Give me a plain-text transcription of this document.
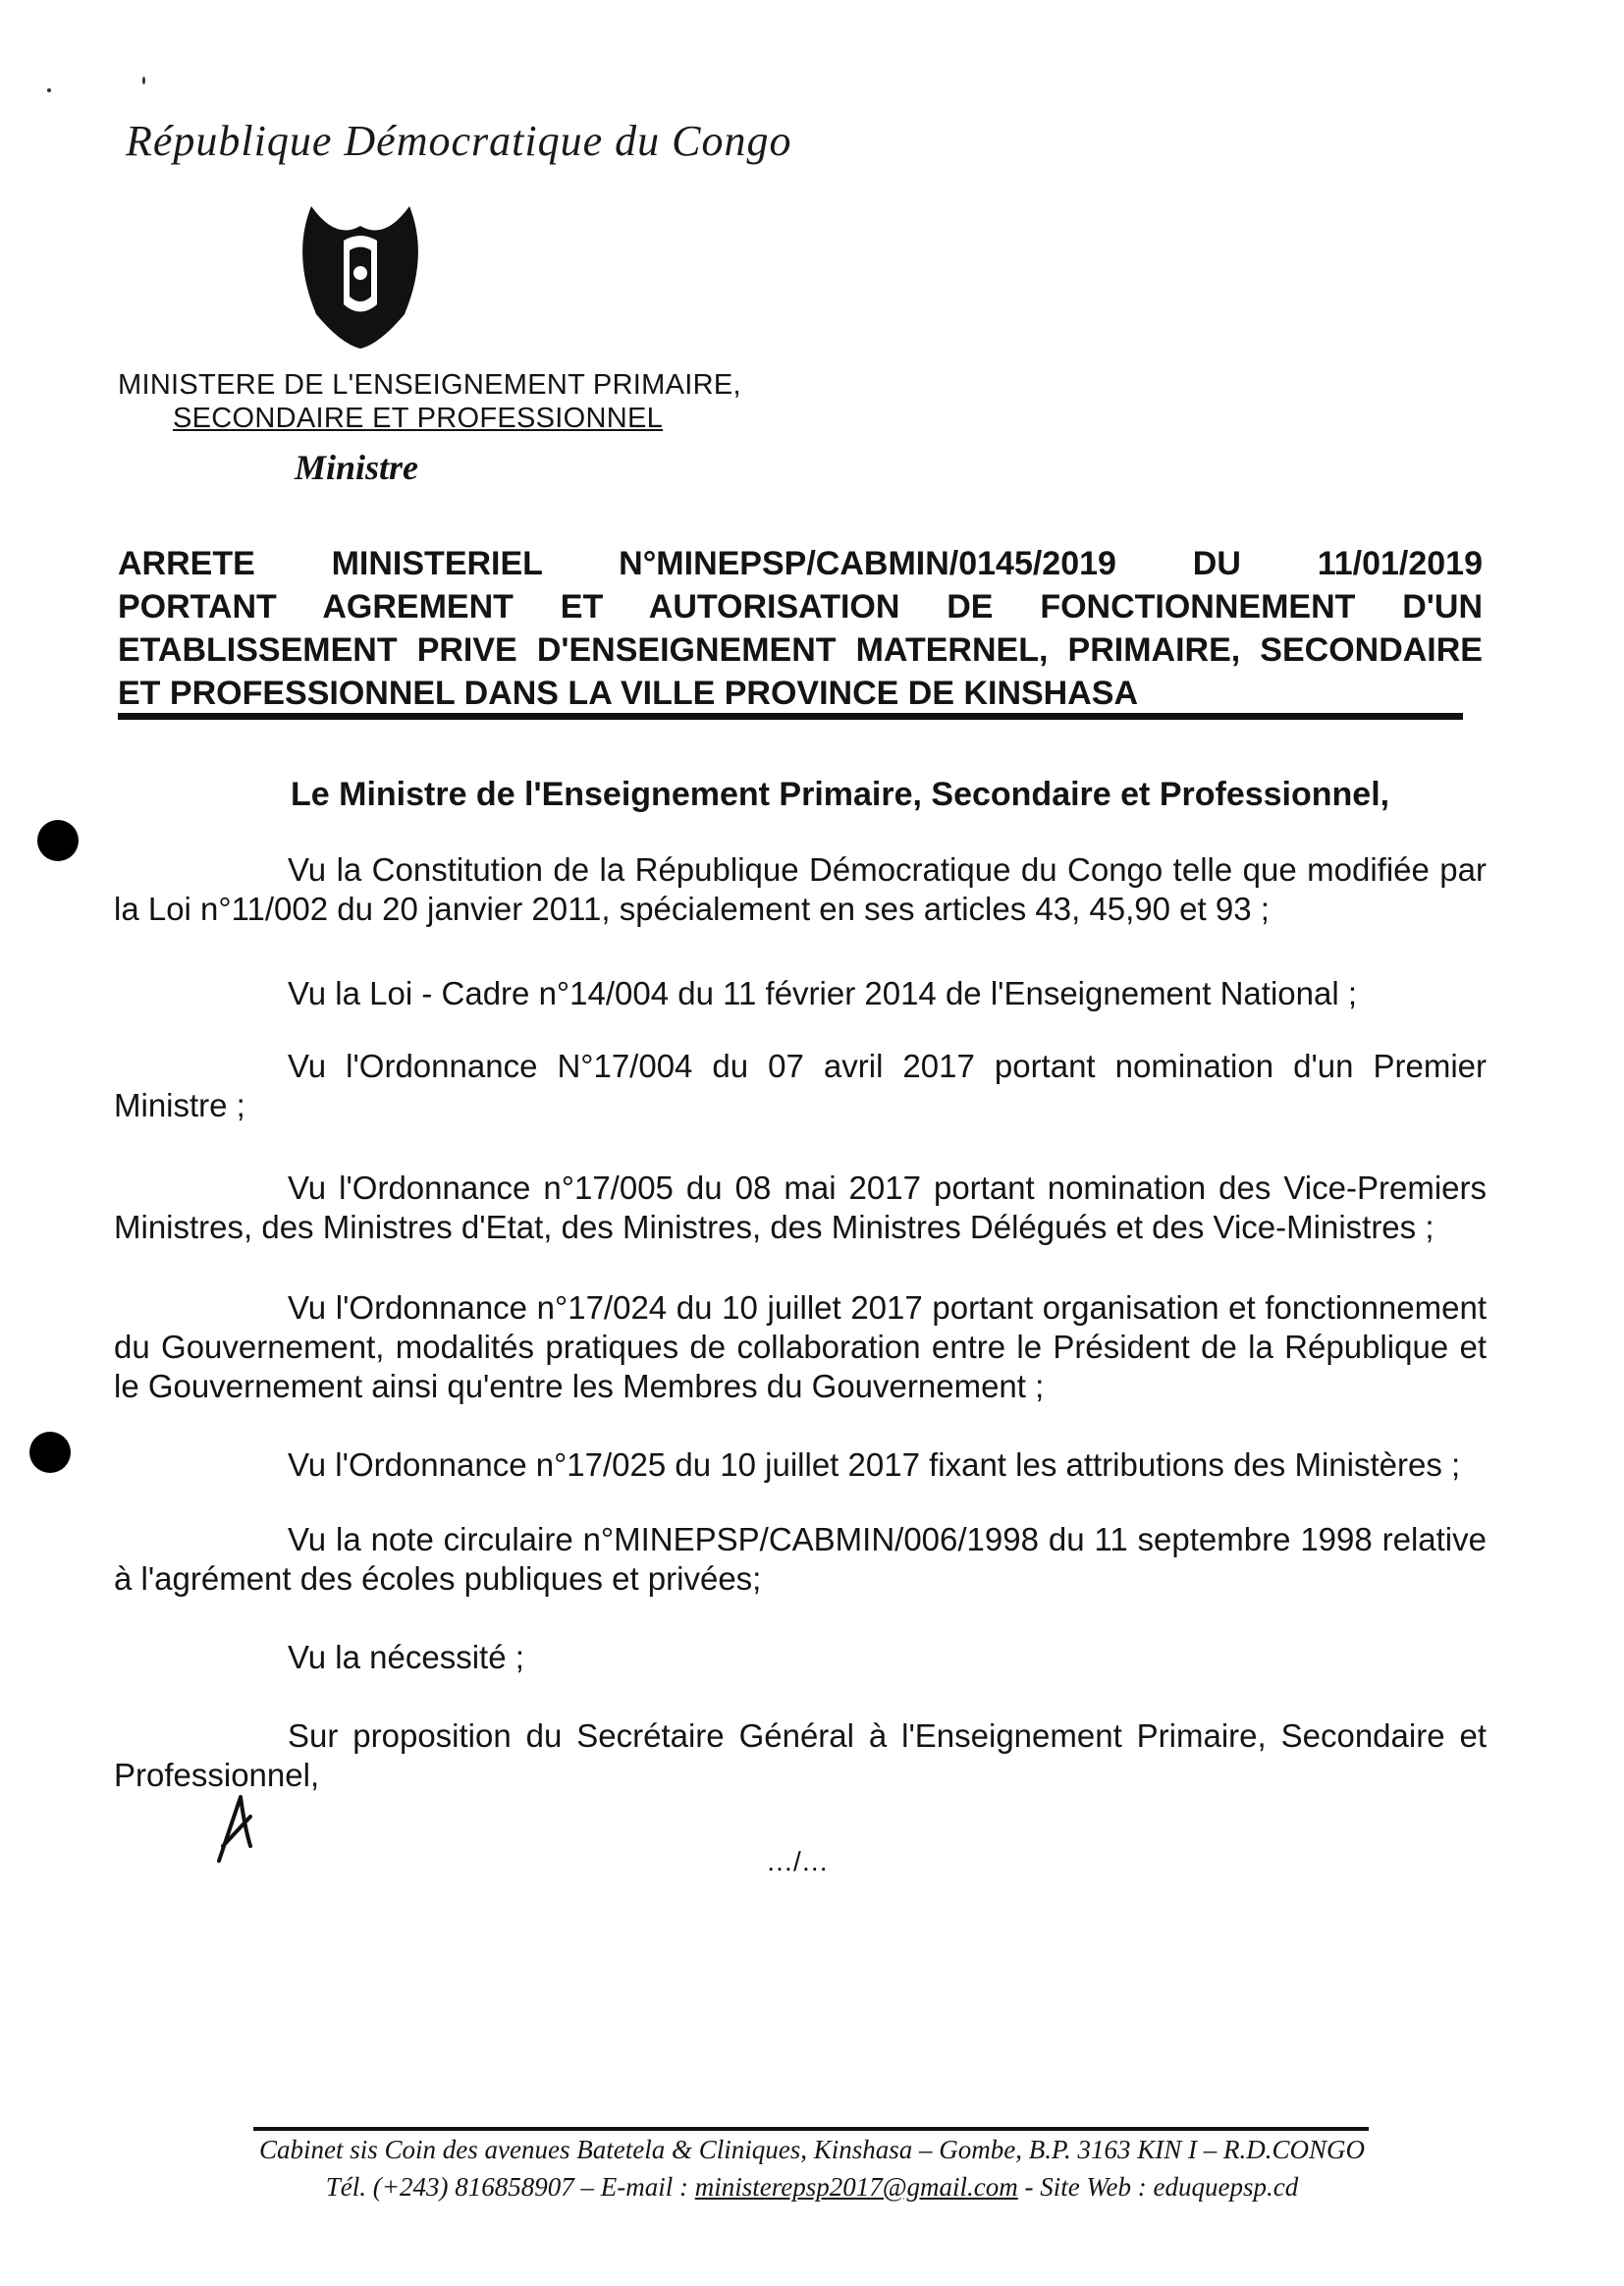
République Démocratique du Congo
MINISTERE DE L'ENSEIGNEMENT PRIMAIRE,
SECONDAIRE ET PROFESSIONNEL
Ministre
ARRETE MINISTERIEL N°MINEPSP/CABMIN/0145/2019 DU 11/01/2019
PORTANT AGREMENT ET AUTORISATION DE FONCTIONNEMENT D'UN
ETABLISSEMENT PRIVE D'ENSEIGNEMENT MATERNEL, PRIMAIRE, SECONDAIRE
ET PROFESSIONNEL DANS LA VILLE PROVINCE DE KINSHASA
Le Ministre de l'Enseignement Primaire, Secondaire et Professionnel,

Vu la Constitution de la République Démocratique du Congo telle que modifiée par la Loi n°11/002 du 20 janvier 2011, spécialement en ses articles 43, 45,90 et 93 ;

Vu la Loi - Cadre n°14/004 du 11 février 2014 de l'Enseignement National ;

Vu l'Ordonnance N°17/004 du 07 avril 2017 portant nomination d'un Premier Ministre ;

Vu l'Ordonnance n°17/005 du 08 mai 2017 portant nomination des Vice-Premiers Ministres, des Ministres d'Etat, des Ministres, des Ministres Délégués et des Vice-Ministres ;

Vu l'Ordonnance n°17/024 du 10 juillet 2017 portant organisation et fonctionnement du Gouvernement, modalités pratiques de collaboration entre le Président de la République et le Gouvernement ainsi qu'entre les Membres du Gouvernement ;

Vu l'Ordonnance n°17/025 du 10 juillet 2017 fixant les attributions des Ministères ;

Vu la note circulaire n°MINEPSP/CABMIN/006/1998 du 11 septembre 1998 relative à l'agrément des écoles publiques et privées;

Vu la nécessité ;

Sur proposition du Secrétaire Général à l'Enseignement Primaire, Secondaire et Professionnel,

…/…
Cabinet sis Coin des avenues Batetela & Cliniques, Kinshasa – Gombe, B.P. 3163 KIN I – R.D.CONGO
Tél. (+243) 816858907 – E-mail : ministerepsp2017@gmail.com - Site Web : eduquepsp.cd
